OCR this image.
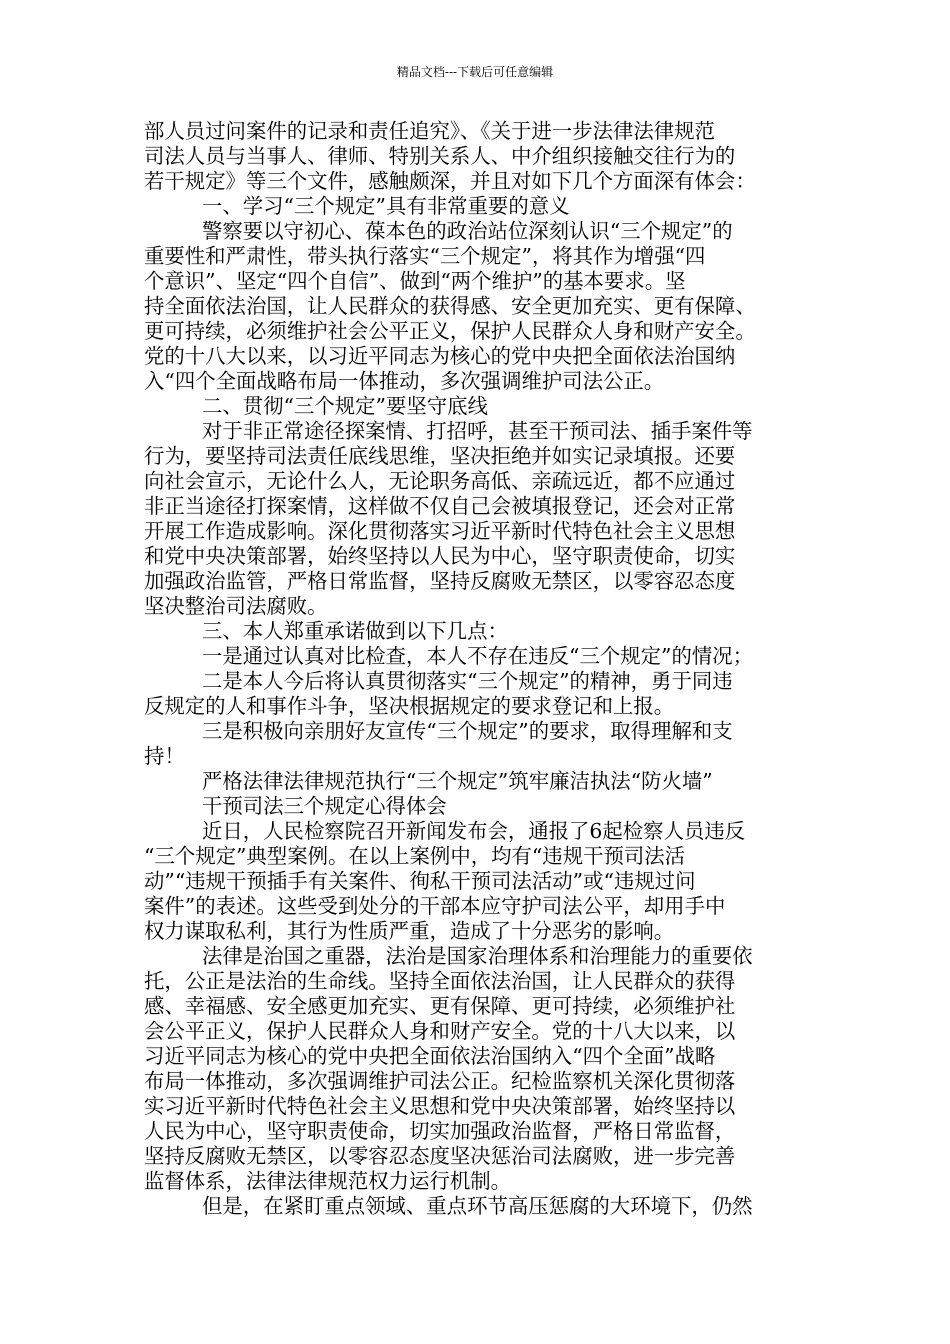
精品文档---下载后可任意编辑
部人员过问案件的记录和责任追究》、《关于进一步法律法律规范
司法人员与当事人、律师、特别关系人、中介组织接触交往行为的
若干规定》等三个文件，感触颇深，并且对如下几个方面深有体会：
一、学习“三个规定”具有非常重要的意义
警察要以守初心、葆本色的政治站位深刻认识“三个规定”的
重要性和严肃性，带头执行落实“三个规定”，将其作为增强“四
个意识”、坚定“四个自信”、做到“两个维护”的基本要求。坚
持全面依法治国，让人民群众的获得感、安全更加充实、更有保障、
更可持续，必须维护社会公平正义，保护人民群众人身和财产安全。
党的十八大以来，以习近平同志为核心的党中央把全面依法治国纳
入“四个全面战略布局一体推动，多次强调维护司法公正。
二、贯彻“三个规定”要坚守底线
对于非正常途径探案情、打招呼，甚至干预司法、插手案件等
行为，要坚持司法责任底线思维，坚决拒绝并如实记录填报。还要
向社会宣示，无论什么人，无论职务高低、亲疏远近，都不应通过
非正当途径打探案情，这样做不仅自己会被填报登记，还会对正常
开展工作造成影响。深化贯彻落实习近平新时代特色社会主义思想
和党中央决策部署，始终坚持以人民为中心，坚守职责使命，切实
加强政治监管，严格日常监督，坚持反腐败无禁区，以零容忍态度
坚决整治司法腐败。
三、本人郑重承诺做到以下几点：
一是通过认真对比检查，本人不存在违反“三个规定”的情况；
二是本人今后将认真贯彻落实“三个规定”的精神，勇于同违
反规定的人和事作斗争，坚决根据规定的要求登记和上报。
三是积极向亲朋好友宣传“三个规定”的要求，取得理解和支
持！
严格法律法律规范执行“三个规定”筑牢廉洁执法“防火墙”
干预司法三个规定心得体会
近日，人民检察院召开新闻发布会，通报了6起检察人员违反
“三个规定”典型案例。在以上案例中，均有“违规干预司法活
动”“违规干预插手有关案件、徇私干预司法活动”或“违规过问
案件”的表述。这些受到处分的干部本应守护司法公平，却用手中
权力谋取私利，其行为性质严重，造成了十分恶劣的影响。
法律是治国之重器，法治是国家治理体系和治理能力的重要依
托，公正是法治的生命线。坚持全面依法治国，让人民群众的获得
感、幸福感、安全感更加充实、更有保障、更可持续，必须维护社
会公平正义，保护人民群众人身和财产安全。党的十八大以来，以
习近平同志为核心的党中央把全面依法治国纳入“四个全面”战略
布局一体推动，多次强调维护司法公正。纪检监察机关深化贯彻落
实习近平新时代特色社会主义思想和党中央决策部署，始终坚持以
人民为中心，坚守职责使命，切实加强政治监督，严格日常监督，
坚持反腐败无禁区，以零容忍态度坚决惩治司法腐败，进一步完善
监督体系，法律法律规范权力运行机制。
但是，在紧盯重点领域、重点环节高压惩腐的大环境下，仍然
